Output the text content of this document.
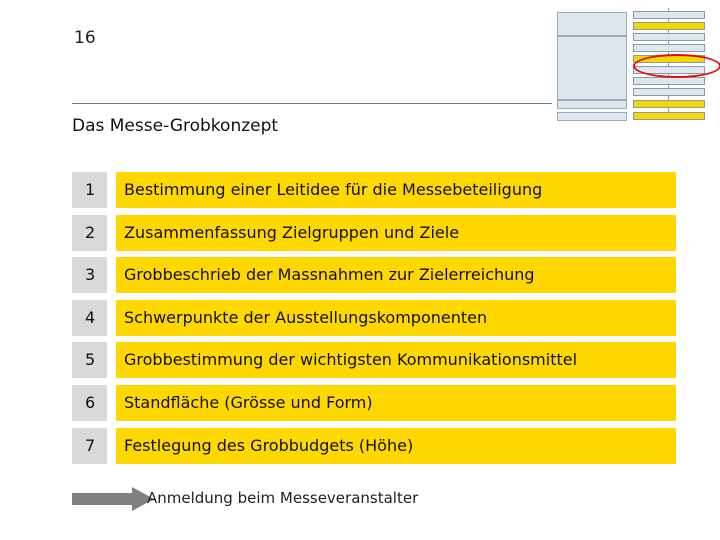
16
Das Messe-Grobkonzept
1	Bestimmung einer Leitidee für die Messebeteiligung
2	Zusammenfassung Zielgruppen und Ziele
3	Grobbeschrieb der Massnahmen zur Zielerreichung
4	Schwerpunkte der Ausstellungskomponenten
5	Grobbestimmung der wichtigsten Kommunikationsmittel
6	Standfläche (Grösse und Form)
7	Festlegung des Grobbudgets (Höhe)
Anmeldung beim Messeveranstalter
